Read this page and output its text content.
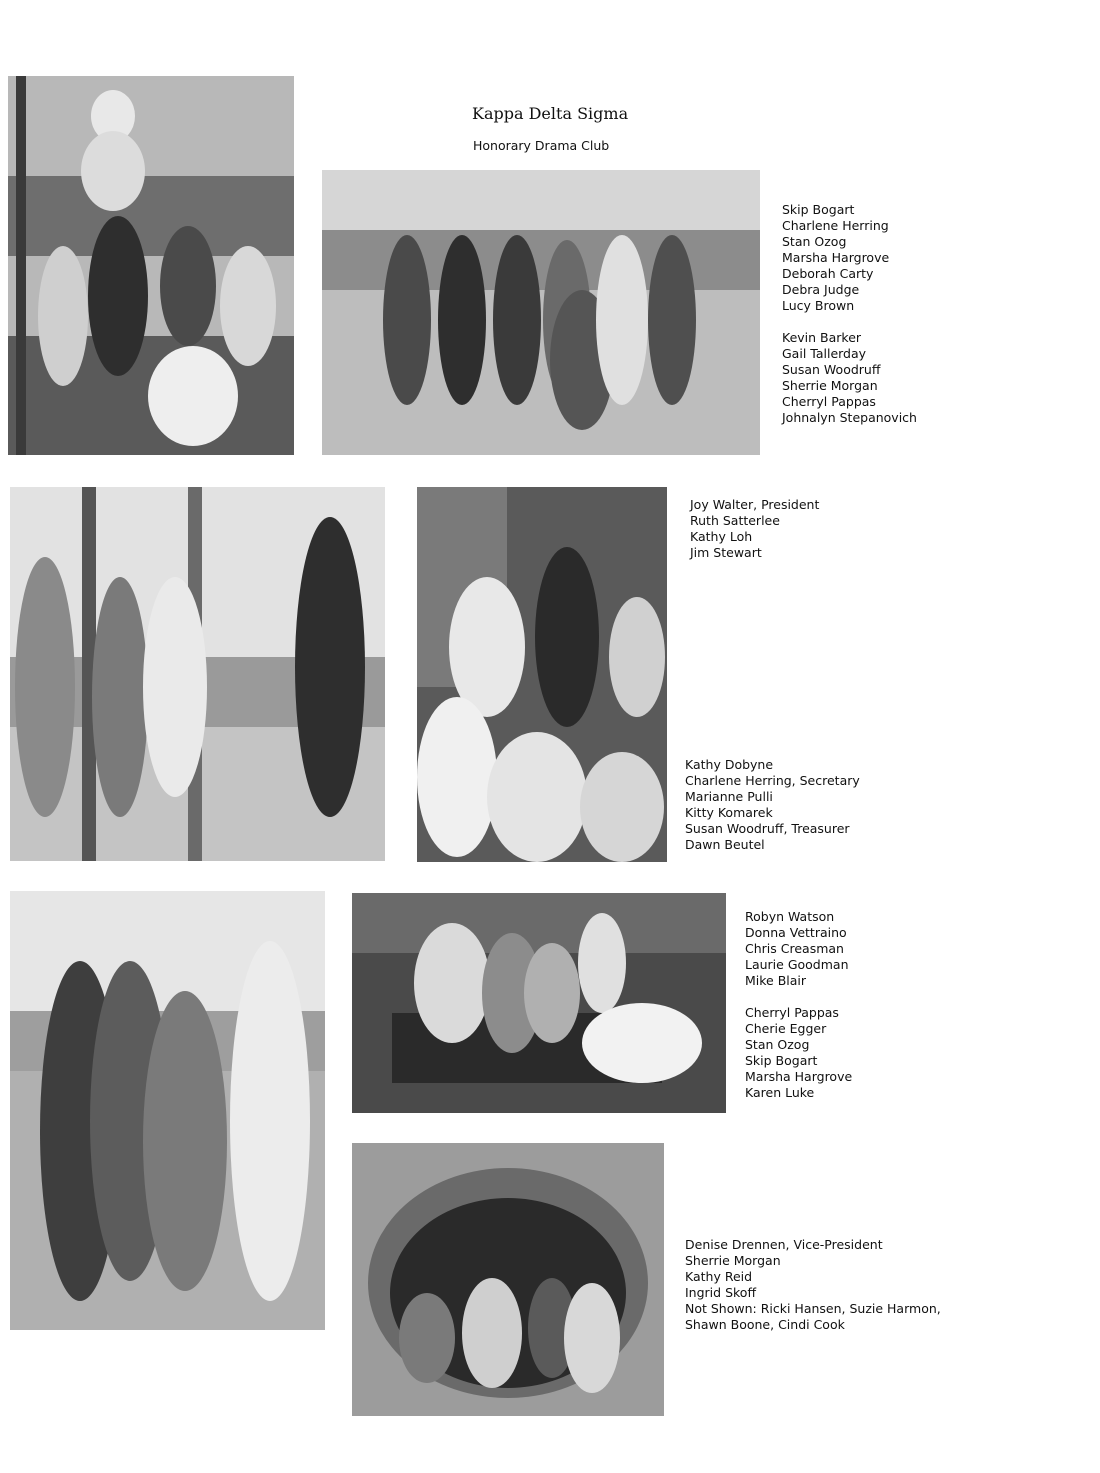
Kappa Delta Sigma
Honorary Drama Club
Skip Bogart
Charlene Herring
Stan Ozog
Marsha Hargrove
Deborah Carty
Debra Judge
Lucy Brown
Kevin Barker
Gail Tallerday
Susan Woodruff
Sherrie Morgan
Cherryl Pappas
Johnalyn Stepanovich
Joy Walter, President
Ruth Satterlee
Kathy Loh
Jim Stewart
Kathy Dobyne
Charlene Herring, Secretary
Marianne Pulli
Kitty Komarek
Susan Woodruff, Treasurer
Dawn Beutel
Robyn Watson
Donna Vettraino
Chris Creasman
Laurie Goodman
Mike Blair
Cherryl Pappas
Cherie Egger
Stan Ozog
Skip Bogart
Marsha Hargrove
Karen Luke
Denise Drennen, Vice-President
Sherrie Morgan
Kathy Reid
Ingrid Skoff
Not Shown: Ricki Hansen, Suzie Harmon, Shawn Boone, Cindi Cook
